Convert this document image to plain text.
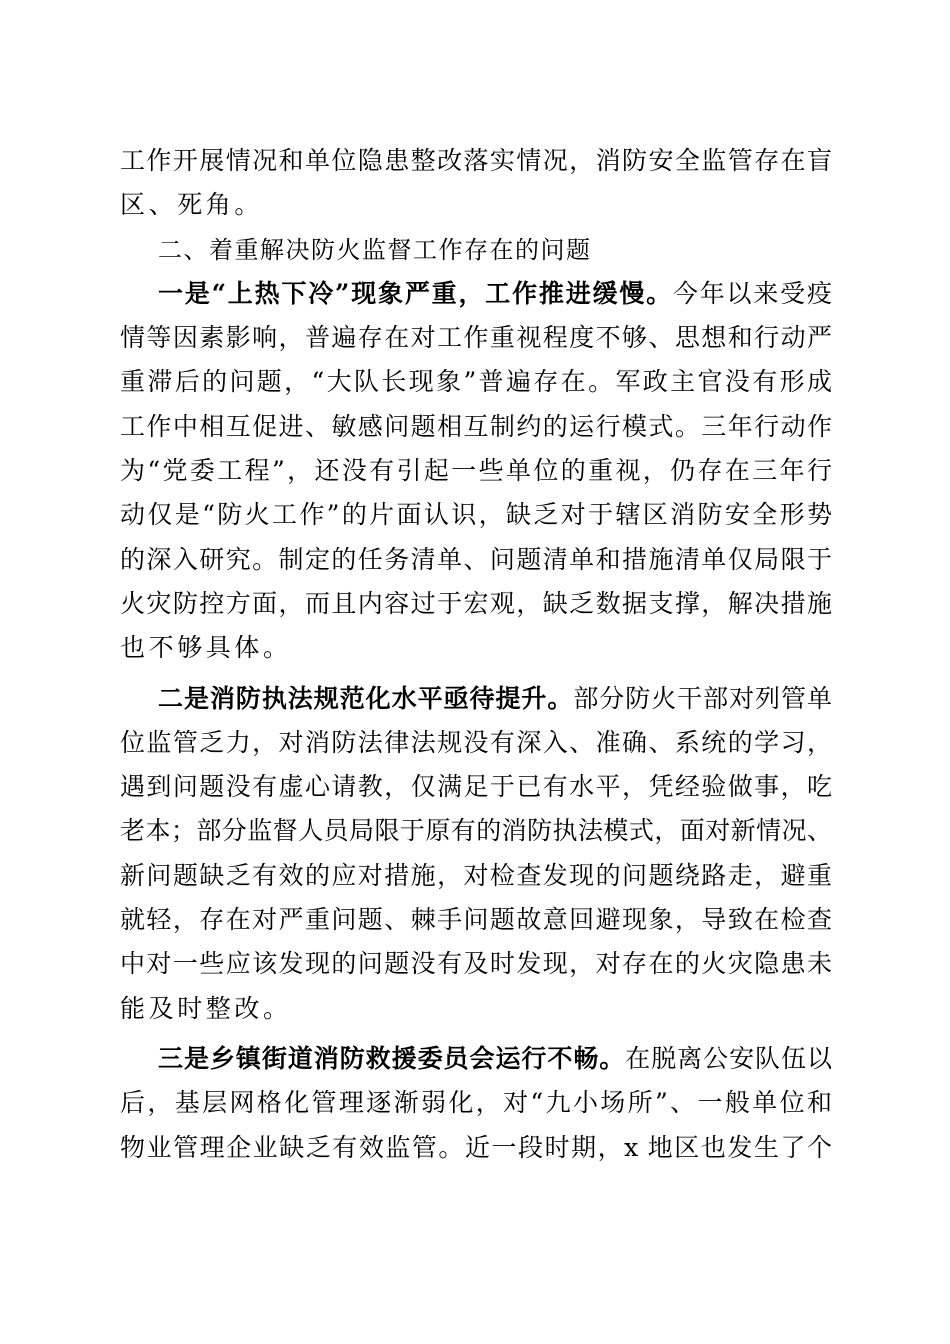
工作开展情况和单位隐患整改落实情况，消防安全监管存在盲
区、死角。
二、着重解决防火监督工作存在的问题
一是“上热下冷”现象严重，工作推进缓慢。今年以来受疫
情等因素影响，普遍存在对工作重视程度不够、思想和行动严
重滞后的问题，“大队长现象”普遍存在。军政主官没有形成
工作中相互促进、敏感问题相互制约的运行模式。三年行动作
为“党委工程”，还没有引起一些单位的重视，仍存在三年行
动仅是“防火工作”的片面认识，缺乏对于辖区消防安全形势
的深入研究。制定的任务清单、问题清单和措施清单仅局限于
火灾防控方面，而且内容过于宏观，缺乏数据支撑，解决措施
也不够具体。
二是消防执法规范化水平亟待提升。部分防火干部对列管单
位监管乏力，对消防法律法规没有深入、准确、系统的学习，
遇到问题没有虚心请教，仅满足于已有水平，凭经验做事，吃
老本；部分监督人员局限于原有的消防执法模式，面对新情况、
新问题缺乏有效的应对措施，对检查发现的问题绕路走，避重
就轻，存在对严重问题、棘手问题故意回避现象，导致在检查
中对一些应该发现的问题没有及时发现，对存在的火灾隐患未
能及时整改。
三是乡镇街道消防救援委员会运行不畅。在脱离公安队伍以
后，基层网格化管理逐渐弱化，对“九小场所”、一般单位和
物业管理企业缺乏有效监管。近一段时期，x 地区也发生了个
